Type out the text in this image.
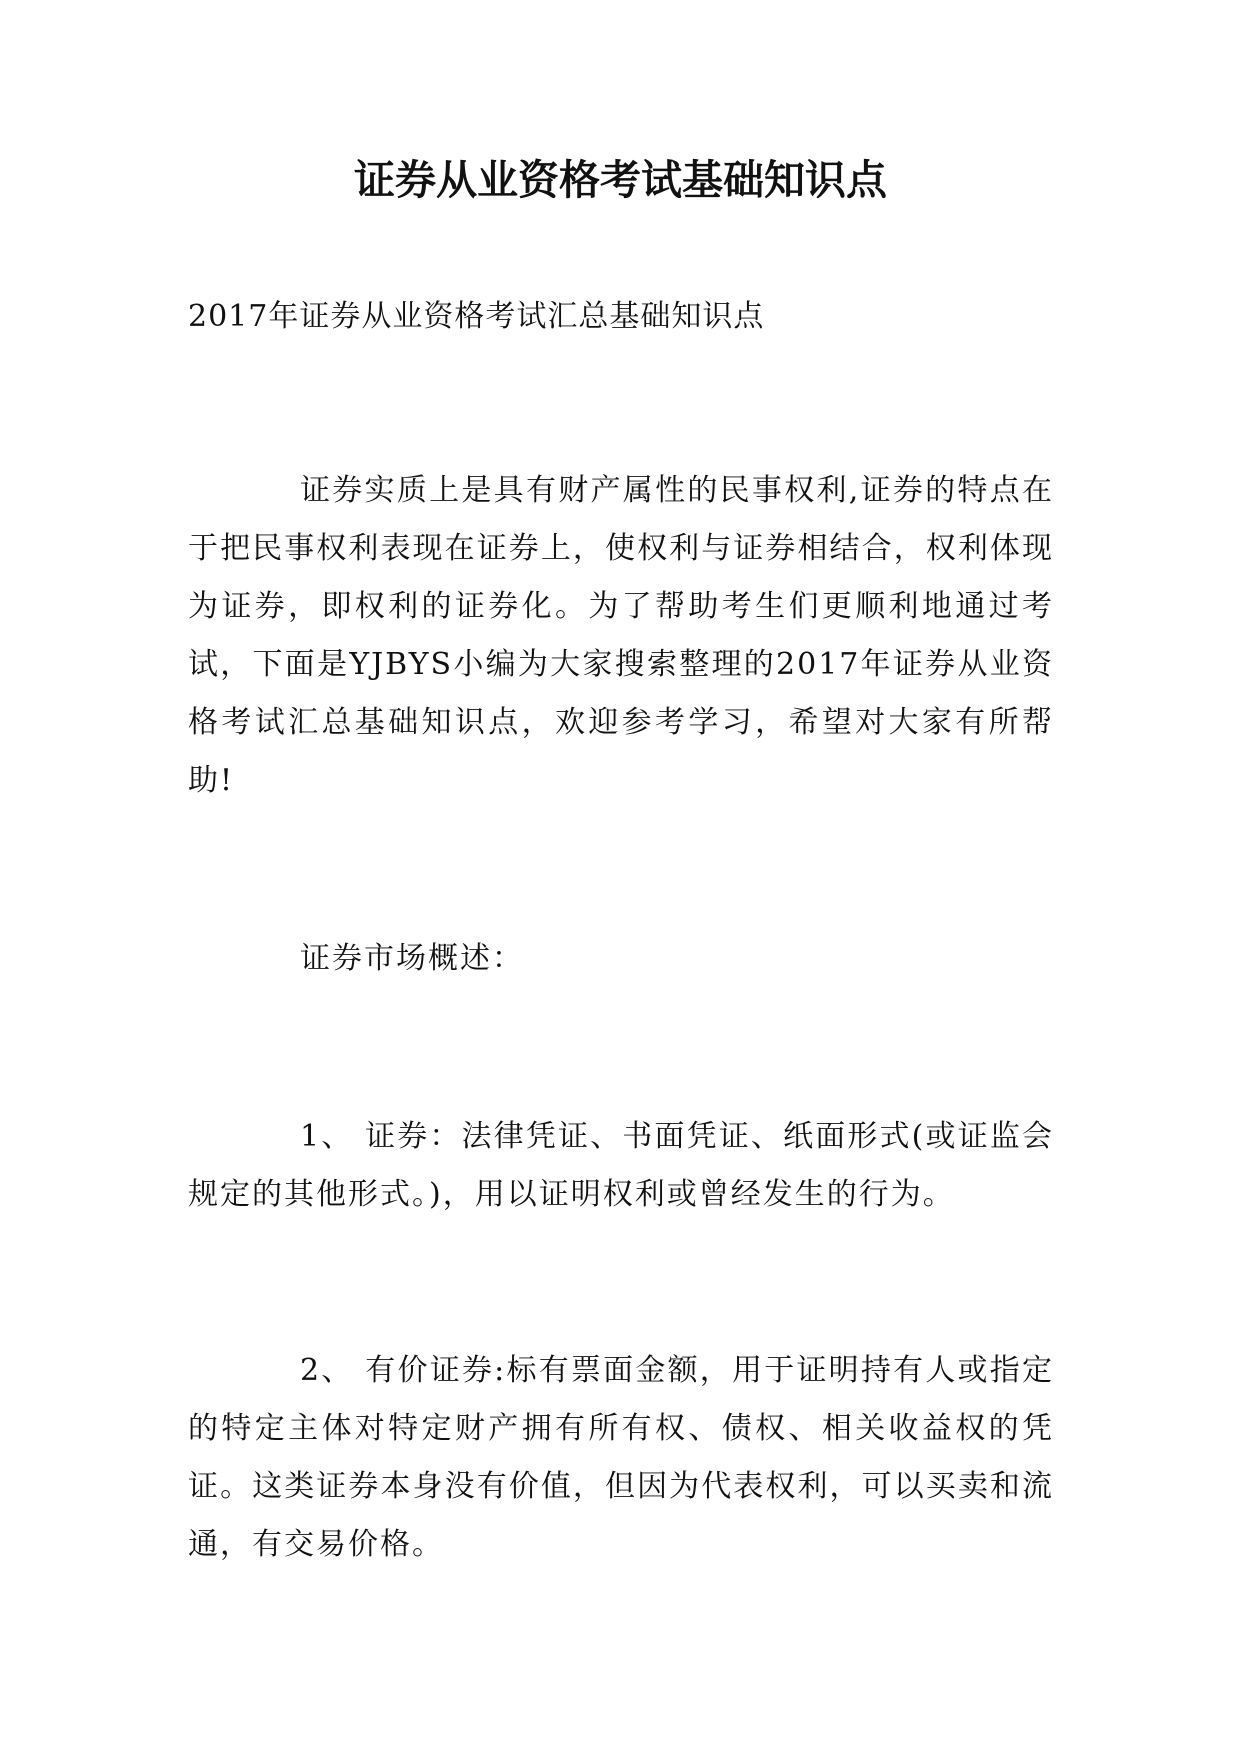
证券从业资格考试基础知识点

2017年证券从业资格考试汇总基础知识点

证券实质上是具有财产属性的民事权利,证券的特点在于把民事权利表现在证券上，使权利与证券相结合，权利体现为证券，即权利的证券化。为了帮助考生们更顺利地通过考试，下面是YJBYS小编为大家搜索整理的2017年证券从业资格考试汇总基础知识点，欢迎参考学习，希望对大家有所帮助!

证券市场概述：

1、 证券：法律凭证、书面凭证、纸面形式(或证监会规定的其他形式。)，用以证明权利或曾经发生的行为。

2、 有价证券:标有票面金额，用于证明持有人或指定的特定主体对特定财产拥有所有权、债权、相关收益权的凭证。这类证券本身没有价值，但因为代表权利，可以买卖和流通，有交易价格。
